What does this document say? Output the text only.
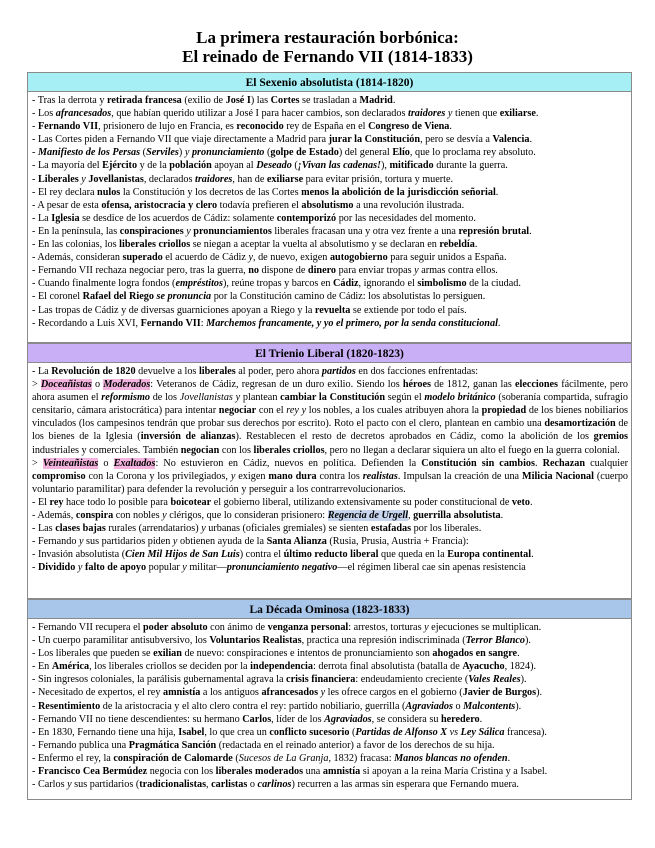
La primera restauración borbónica:
El reinado de Fernando VII (1814-1833)
El Sexenio absolutista (1814-1820)
- Tras la derrota y retirada francesa (exilio de José I) las Cortes se trasladan a Madrid.
- Los afrancesados, que habían querido utilizar a José I para hacer cambios, son declarados traidores y tienen que exiliarse.
- Fernando VII, prisionero de lujo en Francia, es reconocido rey de España en el Congreso de Viena.
- Las Cortes piden a Fernando VII que viaje directamente a Madrid para jurar la Constitución, pero se desvía a Valencia.
- Manifiesto de los Persas (Serviles) y pronunciamiento (golpe de Estado) del general Elío, que lo proclama rey absoluto.
- La mayoría del Ejército y de la población apoyan al Deseado (¡Vivan las cadenas!), mitificado durante la guerra.
- Liberales y Jovellanistas, declarados traidores, han de exiliarse para evitar prisión, tortura y muerte.
- El rey declara nulos la Constitución y los decretos de las Cortes menos la abolición de la jurisdicción señorial.
- A pesar de esta ofensa, aristocracia y clero todavía prefieren el absolutismo a una revolución ilustrada.
- La Iglesia se desdice de los acuerdos de Cádiz: solamente contemporizó por las necesidades del momento.
- En la península, las conspiraciones y pronunciamientos liberales fracasan una y otra vez frente a una represión brutal.
- En las colonias, los liberales criollos se niegan a aceptar la vuelta al absolutismo y se declaran en rebeldía.
- Además, consideran superado el acuerdo de Cádiz y, de nuevo, exigen autogobierno para seguir unidos a España.
- Fernando VII rechaza negociar pero, tras la guerra, no dispone de dinero para enviar tropas y armas contra ellos.
- Cuando finalmente logra fondos (empréstitos), reúne tropas y barcos en Cádiz, ignorando el simbolismo de la ciudad.
- El coronel Rafael del Riego se pronuncia por la Constitución camino de Cádiz: los absolutistas lo persiguen.
- Las tropas de Cádiz y de diversas guarniciones apoyan a Riego y la revuelta se extiende por todo el país.
- Recordando a Luis XVI, Fernando VII: Marchemos francamente, y yo el primero, por la senda constitucional.
El Trienio Liberal (1820-1823)
- La Revolución de 1820 devuelve a los liberales al poder, pero ahora partidos en dos facciones enfrentadas:
> Doceañistas o Moderados: Veteranos de Cádiz, regresan de un duro exilio. Siendo los héroes de 1812, ganan las elecciones fácilmente, pero ahora asumen el reformismo de los Jovellanistas y plantean cambiar la Constitución según el modelo británico (soberanía compartida, sufragio censitario, cámara aristocrática) para intentar negociar con el rey y los nobles, a los cuales atribuyen ahora la propiedad de los bienes nobiliarios vinculados (los campesinos tendrán que probar sus derechos por escrito). Roto el pacto con el clero, plantean en cambio una desamortización de los bienes de la Iglesia (inversión de alianzas). Restablecen el resto de decretos aprobados en Cádiz, como la abolición de los gremios industriales y comerciales. También negocian con los liberales criollos, pero no llegan a declarar siquiera un alto el fuego en la guerra colonial.
> Veinteañistas o Exaltados: No estuvieron en Cádiz, nuevos en política. Defienden la Constitución sin cambios. Rechazan cualquier compromiso con la Corona y los privilegiados, y exigen mano dura contra los realistas. Impulsan la creación de una Milicia Nacional (cuerpo voluntario paramilitar) para defender la revolución y perseguir a los contrarrevolucionarios.
- El rey hace todo lo posible para boicotear el gobierno liberal, utilizando extensivamente su poder constitucional de veto.
- Además, conspira con nobles y clérigos, que lo consideran prisionero: Regencia de Urgell, guerrilla absolutista.
- Las clases bajas rurales (arrendatarios) y urbanas (oficiales gremiales) se sienten estafadas por los liberales.
- Fernando y sus partidarios piden y obtienen ayuda de la Santa Alianza (Rusia, Prusia, Austria + Francia):
- Invasión absolutista (Cien Mil Hijos de San Luis) contra el último reducto liberal que queda en la Europa continental.
- Dividido y falto de apoyo popular y militar—pronunciamiento negativo—el régimen liberal cae sin apenas resistencia
La Década Ominosa (1823-1833)
- Fernando VII recupera el poder absoluto con ánimo de venganza personal: arrestos, torturas y ejecuciones se multiplican.
- Un cuerpo paramilitar antisubversivo, los Voluntarios Realistas, practica una represión indiscriminada (Terror Blanco).
- Los liberales que pueden se exilian de nuevo: conspiraciones e intentos de pronunciamiento son ahogados en sangre.
- En América, los liberales criollos se deciden por la independencia: derrota final absolutista (batalla de Ayacucho, 1824).
- Sin ingresos coloniales, la parálisis gubernamental agrava la crisis financiera: endeudamiento creciente (Vales Reales).
- Necesitado de expertos, el rey amnistía a los antiguos afrancesados y les ofrece cargos en el gobierno (Javier de Burgos).
- Resentimiento de la aristocracia y el alto clero contra el rey: partido nobiliario, guerrilla (Agraviados o Malcontents).
- Fernando VII no tiene descendientes: su hermano Carlos, líder de los Agraviados, se considera su heredero.
- En 1830, Fernando tiene una hija, Isabel, lo que crea un conflicto sucesorio (Partidas de Alfonso X vs Ley Sálica francesa).
- Fernando publica una Pragmática Sanción (redactada en el reinado anterior) a favor de los derechos de su hija.
- Enfermo el rey, la conspiración de Calomarde (Sucesos de La Granja, 1832) fracasa: Manos blancas no ofenden.
- Francisco Cea Bermúdez negocia con los liberales moderados una amnistía si apoyan a la reina María Cristina y a Isabel.
- Carlos y sus partidarios (tradicionalistas, carlistas o carlinos) recurren a las armas sin esperara que Fernando muera.
